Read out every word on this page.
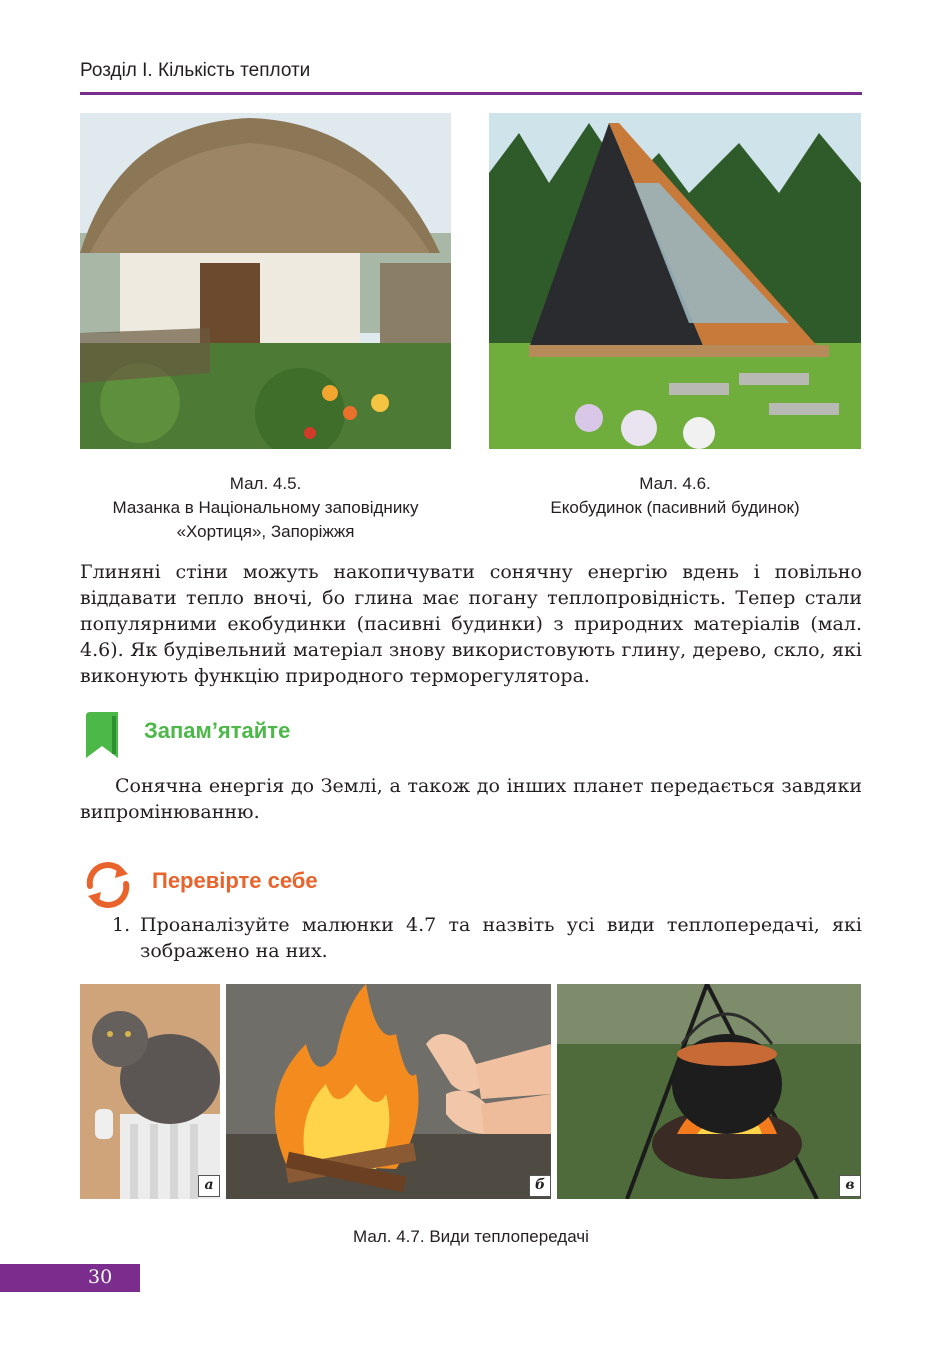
Розділ І. Кількість теплоти
Мал. 4.5.
Мазанка в Національному заповіднику
«Хортиця», Запоріжжя
Мал. 4.6.
Екобудинок (пасивний будинок)

Глиняні стіни можуть накопичувати сонячну енергію вдень і повільно віддавати тепло вночі, бо глина має погану теплопровідність. Тепер стали популярними екобудинки (пасивні будинки) з природних матеріалів (мал. 4.6). Як будівельний матеріал знову використовують глину, дерево, скло, які виконують функцію природного терморегулятора.

Запам’ятайте

Сонячна енергія до Землі, а також до інших планет передається завдяки випромінюванню.

Перевірте себе
1. Проаналізуйте малюнки 4.7 та назвіть усі види теплопередачі, які зображено на них.

а	б	в
Мал. 4.7. Види теплопередачі
30
